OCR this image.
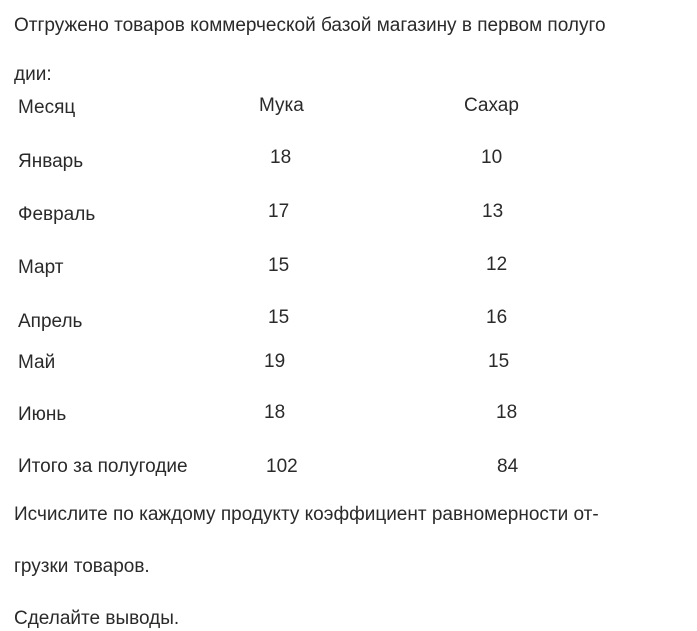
Отгружено товаров коммерческой базой магазину в первом полуго
дии:
Месяц	Мука	Сахар
Январь	18	10
Февраль	17	13
Март	15	12
Апрель	15	16
Май	19	15
Июнь	18	18
Итого за полугодие	102	84
Исчислите по каждому продукту коэффициент равномерности от-
грузки товаров.
Сделайте выводы.
